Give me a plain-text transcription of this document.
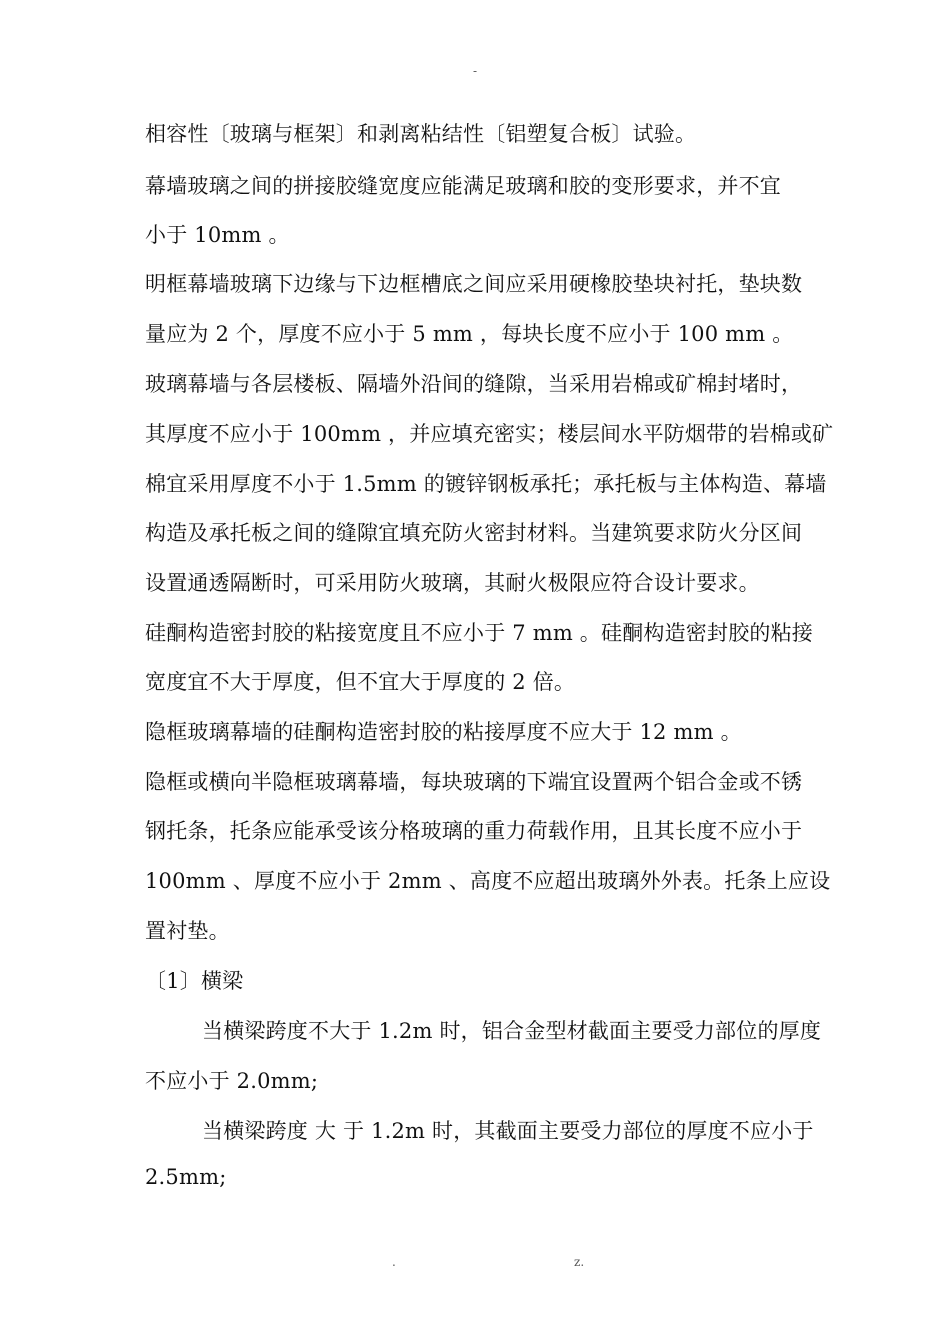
-
相容性〔玻璃与框架〕和剥离粘结性〔铝塑复合板〕试验。
幕墙玻璃之间的拼接胶缝宽度应能满足玻璃和胶的变形要求，并不宜
小于 10mm 。
明框幕墙玻璃下边缘与下边框槽底之间应采用硬橡胶垫块衬托，垫块数
量应为 2 个，厚度不应小于 5 mm ，每块长度不应小于 100 mm 。
玻璃幕墙与各层楼板、隔墙外沿间的缝隙，当采用岩棉或矿棉封堵时，
其厚度不应小于 100mm ，并应填充密实；楼层间水平防烟带的岩棉或矿
棉宜采用厚度不小于 1.5mm 的镀锌钢板承托；承托板与主体构造、幕墙
构造及承托板之间的缝隙宜填充防火密封材料。当建筑要求防火分区间
设置通透隔断时，可采用防火玻璃，其耐火极限应符合设计要求。
硅酮构造密封胶的粘接宽度且不应小于 7 mm 。硅酮构造密封胶的粘接
宽度宜不大于厚度，但不宜大于厚度的 2 倍。
隐框玻璃幕墙的硅酮构造密封胶的粘接厚度不应大于 12 mm 。
隐框或横向半隐框玻璃幕墙，每块玻璃的下端宜设置两个铝合金或不锈
钢托条，托条应能承受该分格玻璃的重力荷载作用，且其长度不应小于
100mm 、厚度不应小于 2mm 、高度不应超出玻璃外外表。托条上应设
置衬垫。
〔1〕横梁
当横梁跨度不大于 1.2m 时，铝合金型材截面主要受力部位的厚度
不应小于 2.0mm;
当横梁跨度 大 于 1.2m 时，其截面主要受力部位的厚度不应小于
2.5mm;
.	z.
